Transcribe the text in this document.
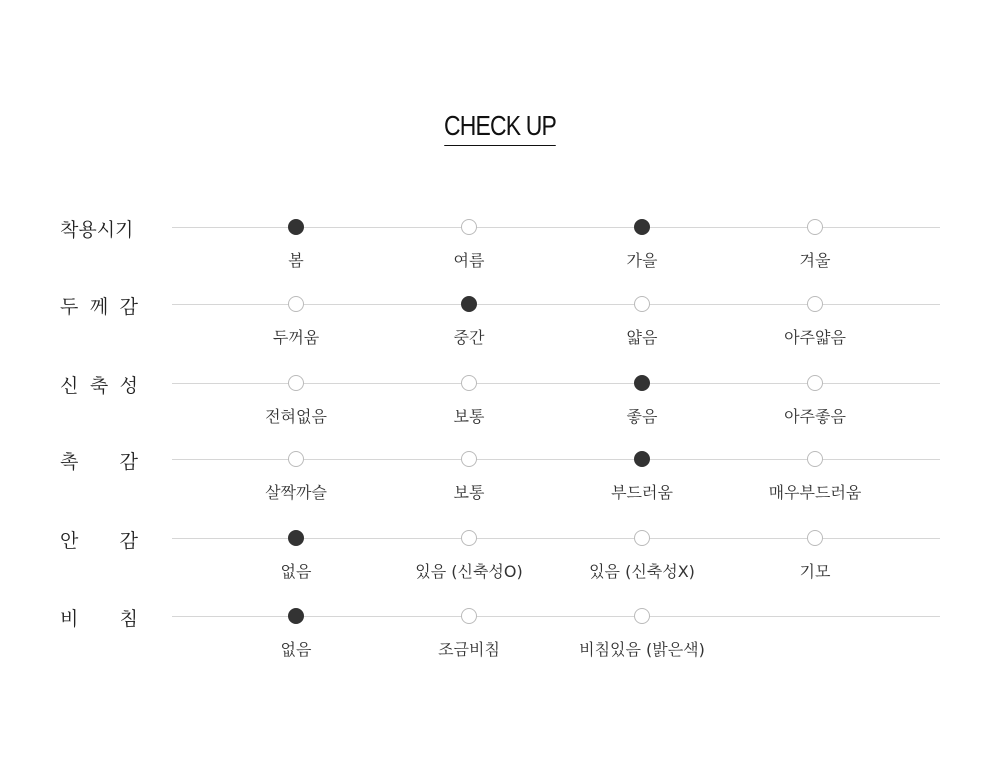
CHECK UP
착용시기
봄	여름	가을	겨울
두 께 감
두꺼움	중간	얇음	아주얇음
신 축 성
전혀없음	보통	좋음	아주좋음
촉 감
살짝까슬	보통	부드러움	매우부드러움
안 감
없음	있음 (신축성O)	있음 (신축성X)	기모
비 침
없음	조금비침	비침있음 (밝은색)
